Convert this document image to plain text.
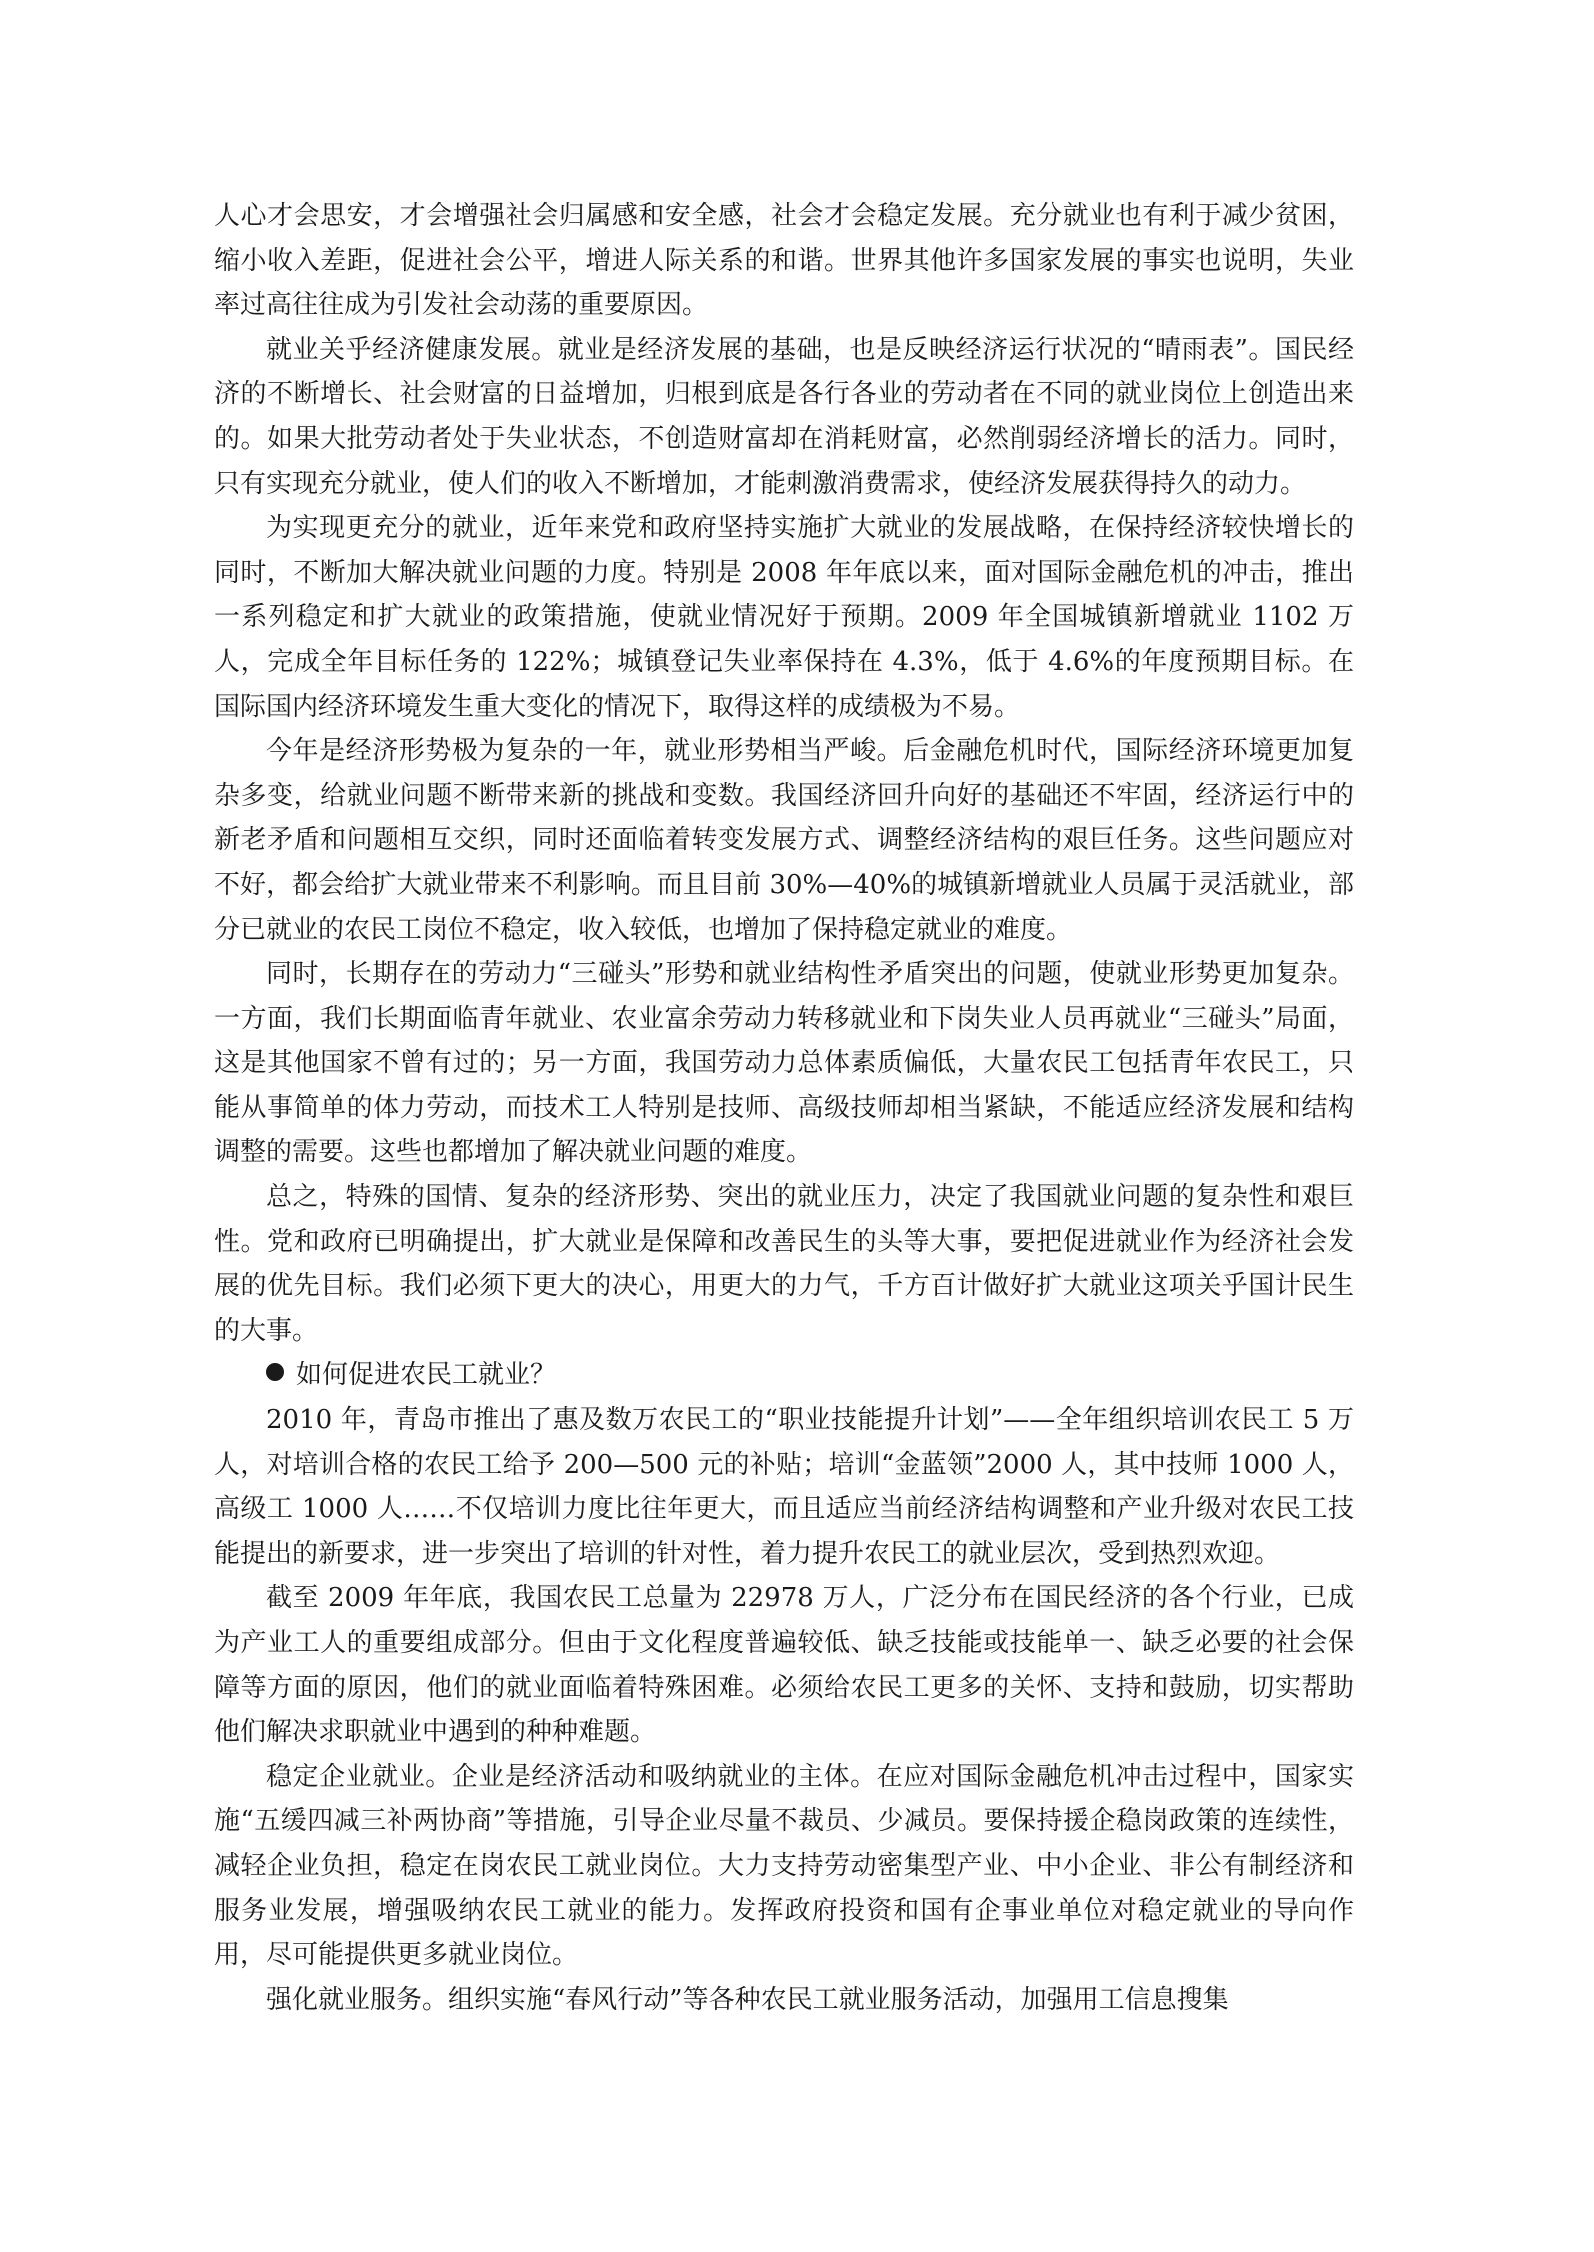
人心才会思安，才会增强社会归属感和安全感，社会才会稳定发展。充分就业也有利于减少贫困，缩小收入差距，促进社会公平，增进人际关系的和谐。世界其他许多国家发展的事实也说明，失业率过高往往成为引发社会动荡的重要原因。

就业关乎经济健康发展。就业是经济发展的基础，也是反映经济运行状况的“晴雨表”。国民经济的不断增长、社会财富的日益增加，归根到底是各行各业的劳动者在不同的就业岗位上创造出来的。如果大批劳动者处于失业状态，不创造财富却在消耗财富，必然削弱经济增长的活力。同时，只有实现充分就业，使人们的收入不断增加，才能刺激消费需求，使经济发展获得持久的动力。

为实现更充分的就业，近年来党和政府坚持实施扩大就业的发展战略，在保持经济较快增长的同时，不断加大解决就业问题的力度。特别是 2008 年年底以来，面对国际金融危机的冲击，推出一系列稳定和扩大就业的政策措施，使就业情况好于预期。2009 年全国城镇新增就业 1102 万人，完成全年目标任务的 122%；城镇登记失业率保持在 4.3%，低于 4.6%的年度预期目标。在国际国内经济环境发生重大变化的情况下，取得这样的成绩极为不易。

今年是经济形势极为复杂的一年，就业形势相当严峻。后金融危机时代，国际经济环境更加复杂多变，给就业问题不断带来新的挑战和变数。我国经济回升向好的基础还不牢固，经济运行中的新老矛盾和问题相互交织，同时还面临着转变发展方式、调整经济结构的艰巨任务。这些问题应对不好，都会给扩大就业带来不利影响。而且目前 30%—40%的城镇新增就业人员属于灵活就业，部分已就业的农民工岗位不稳定，收入较低，也增加了保持稳定就业的难度。

同时，长期存在的劳动力“三碰头”形势和就业结构性矛盾突出的问题，使就业形势更加复杂。一方面，我们长期面临青年就业、农业富余劳动力转移就业和下岗失业人员再就业“三碰头”局面，这是其他国家不曾有过的；另一方面，我国劳动力总体素质偏低，大量农民工包括青年农民工，只能从事简单的体力劳动，而技术工人特别是技师、高级技师却相当紧缺，不能适应经济发展和结构调整的需要。这些也都增加了解决就业问题的难度。

总之，特殊的国情、复杂的经济形势、突出的就业压力，决定了我国就业问题的复杂性和艰巨性。党和政府已明确提出，扩大就业是保障和改善民生的头等大事，要把促进就业作为经济社会发展的优先目标。我们必须下更大的决心，用更大的力气，千方百计做好扩大就业这项关乎国计民生的大事。

如何促进农民工就业？

2010 年，青岛市推出了惠及数万农民工的“职业技能提升计划”——全年组织培训农民工 5 万人，对培训合格的农民工给予 200—500 元的补贴；培训“金蓝领”2000 人，其中技师 1000 人，高级工 1000 人……不仅培训力度比往年更大，而且适应当前经济结构调整和产业升级对农民工技能提出的新要求，进一步突出了培训的针对性，着力提升农民工的就业层次，受到热烈欢迎。

截至 2009 年年底，我国农民工总量为 22978 万人，广泛分布在国民经济的各个行业，已成为产业工人的重要组成部分。但由于文化程度普遍较低、缺乏技能或技能单一、缺乏必要的社会保障等方面的原因，他们的就业面临着特殊困难。必须给农民工更多的关怀、支持和鼓励，切实帮助他们解决求职就业中遇到的种种难题。

稳定企业就业。企业是经济活动和吸纳就业的主体。在应对国际金融危机冲击过程中，国家实施“五缓四减三补两协商”等措施，引导企业尽量不裁员、少减员。要保持援企稳岗政策的连续性，减轻企业负担，稳定在岗农民工就业岗位。大力支持劳动密集型产业、中小企业、非公有制经济和服务业发展，增强吸纳农民工就业的能力。发挥政府投资和国有企事业单位对稳定就业的导向作用，尽可能提供更多就业岗位。

强化就业服务。组织实施“春风行动”等各种农民工就业服务活动，加强用工信息搜集
